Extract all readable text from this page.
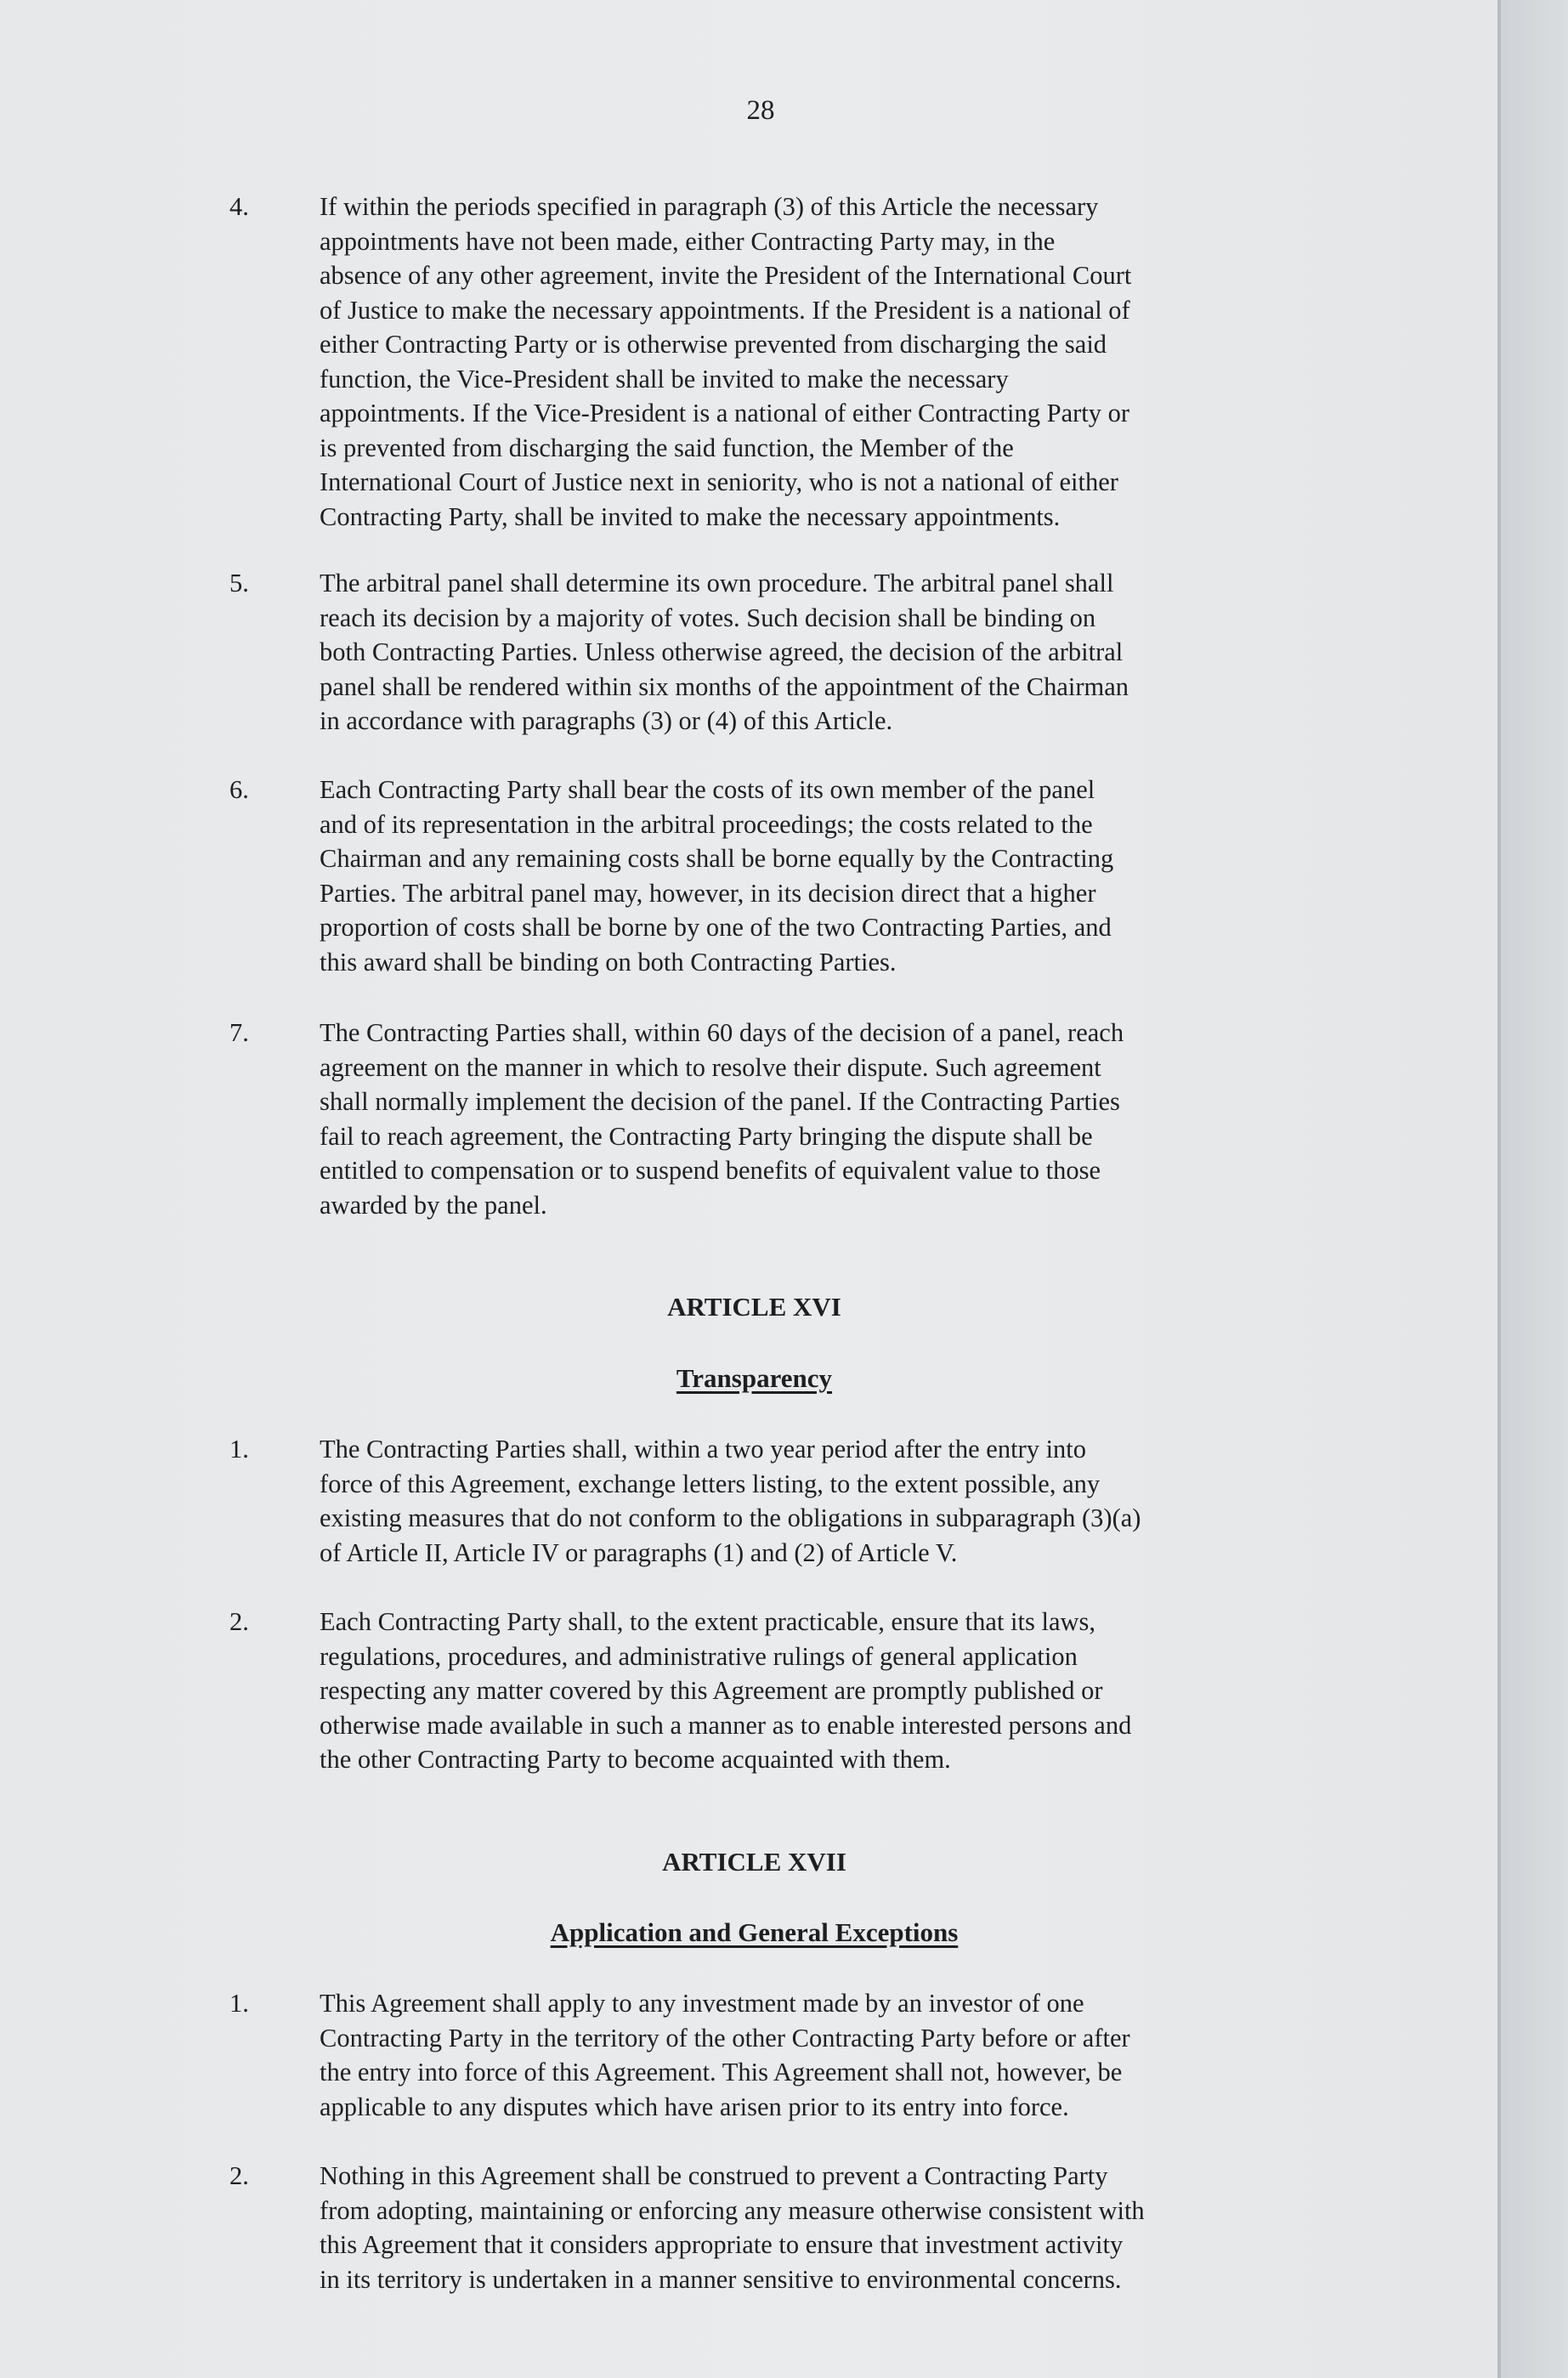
28
4.	If within the periods specified in paragraph (3) of this Article the necessary
appointments have not been made, either Contracting Party may, in the
absence of any other agreement, invite the President of the International Court
of Justice to make the necessary appointments. If the President is a national of
either Contracting Party or is otherwise prevented from discharging the said
function, the Vice-President shall be invited to make the necessary
appointments. If the Vice-President is a national of either Contracting Party or
is prevented from discharging the said function, the Member of the
International Court of Justice next in seniority, who is not a national of either
Contracting Party, shall be invited to make the necessary appointments.
5.	The arbitral panel shall determine its own procedure. The arbitral panel shall
reach its decision by a majority of votes. Such decision shall be binding on
both Contracting Parties. Unless otherwise agreed, the decision of the arbitral
panel shall be rendered within six months of the appointment of the Chairman
in accordance with paragraphs (3) or (4) of this Article.
6.	Each Contracting Party shall bear the costs of its own member of the panel
and of its representation in the arbitral proceedings; the costs related to the
Chairman and any remaining costs shall be borne equally by the Contracting
Parties. The arbitral panel may, however, in its decision direct that a higher
proportion of costs shall be borne by one of the two Contracting Parties, and
this award shall be binding on both Contracting Parties.
7.	The Contracting Parties shall, within 60 days of the decision of a panel, reach
agreement on the manner in which to resolve their dispute. Such agreement
shall normally implement the decision of the panel. If the Contracting Parties
fail to reach agreement, the Contracting Party bringing the dispute shall be
entitled to compensation or to suspend benefits of equivalent value to those
awarded by the panel.
ARTICLE XVI
Transparency
1.	The Contracting Parties shall, within a two year period after the entry into
force of this Agreement, exchange letters listing, to the extent possible, any
existing measures that do not conform to the obligations in subparagraph (3)(a)
of Article II, Article IV or paragraphs (1) and (2) of Article V.
2.	Each Contracting Party shall, to the extent practicable, ensure that its laws,
regulations, procedures, and administrative rulings of general application
respecting any matter covered by this Agreement are promptly published or
otherwise made available in such a manner as to enable interested persons and
the other Contracting Party to become acquainted with them.
ARTICLE XVII
Application and General Exceptions
1.	This Agreement shall apply to any investment made by an investor of one
Contracting Party in the territory of the other Contracting Party before or after
the entry into force of this Agreement. This Agreement shall not, however, be
applicable to any disputes which have arisen prior to its entry into force.
2.	Nothing in this Agreement shall be construed to prevent a Contracting Party
from adopting, maintaining or enforcing any measure otherwise consistent with
this Agreement that it considers appropriate to ensure that investment activity
in its territory is undertaken in a manner sensitive to environmental concerns.
